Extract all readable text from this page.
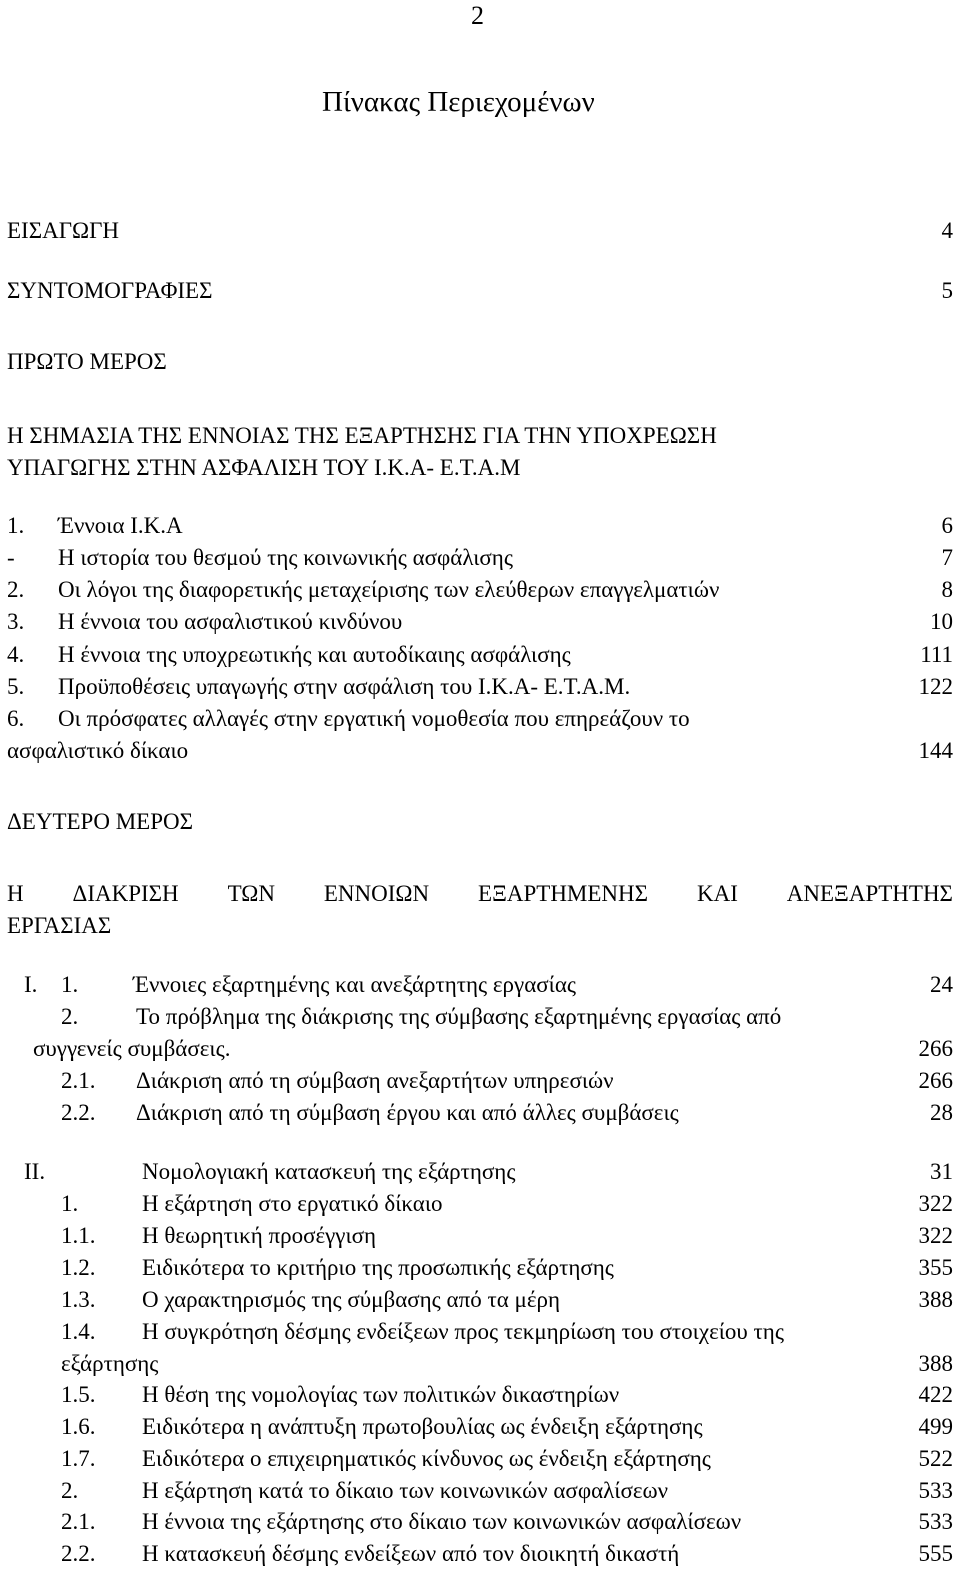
2
Πίνακας Περιεχομένων
ΕΙΣΑΓΩΓΗ	4
ΣΥΝΤΟΜΟΓΡΑΦΙΕΣ	5
ΠΡΩΤΟ ΜΕΡΟΣ
Η ΣΗΜΑΣΙΑ ΤΗΣ ΕΝΝΟΙΑΣ ΤΗΣ ΕΞΑΡΤΗΣΗΣ ΓΙΑ ΤΗΝ ΥΠΟΧΡΕΩΣΗ
ΥΠΑΓΩΓΗΣ ΣΤΗΝ ΑΣΦΑΛΙΣΗ ΤΟΥ Ι.Κ.Α- Ε.Τ.Α.Μ
1. Έννοια Ι.Κ.Α	6
- Η ιστορία του θεσμού της κοινωνικής ασφάλισης	7
2. Οι λόγοι της διαφορετικής μεταχείρισης των ελεύθερων επαγγελματιών	8
3. Η έννοια του ασφαλιστικού κινδύνου	10
4. Η έννοια της υποχρεωτικής και αυτοδίκαιης ασφάλισης	111
5. Προϋποθέσεις υπαγωγής στην ασφάλιση του Ι.Κ.Α- Ε.Τ.Α.Μ.	122
6. Οι πρόσφατες αλλαγές στην εργατική νομοθεσία που επηρεάζουν το
ασφαλιστικό δίκαιο	144
ΔΕΥΤΕΡΟ ΜΕΡΟΣ
Η ΔΙΑΚΡΙΣΗ ΤΩΝ ΕΝΝΟΙΩΝ ΕΞΑΡΤΗΜΕΝΗΣ ΚΑΙ ΑΝΕΞΑΡΤΗΤΗΣ
ΕΡΓΑΣΙΑΣ
Ι. 1. Έννοιες εξαρτημένης και ανεξάρτητης εργασίας	24
2.	Το πρόβλημα της διάκρισης της σύμβασης εξαρτημένης εργασίας από
συγγενείς συμβάσεις.	266
2.1. Διάκριση από τη σύμβαση ανεξαρτήτων υπηρεσιών	266
2.2. Διάκριση από τη σύμβαση έργου και από άλλες συμβάσεις	28
ΙΙ.	Νομολογιακή κατασκευή της εξάρτησης	31
1.	Η εξάρτηση στο εργατικό δίκαιο	322
1.1. Η θεωρητική προσέγγιση	322
1.2. Ειδικότερα το κριτήριο της προσωπικής εξάρτησης	355
1.3. Ο χαρακτηρισμός της σύμβασης από τα μέρη	388
1.4. Η συγκρότηση δέσμης ενδείξεων προς τεκμηρίωση του στοιχείου της
εξάρτησης	388
1.5. Η θέση της νομολογίας των πολιτικών δικαστηρίων	422
1.6. Ειδικότερα η ανάπτυξη πρωτοβουλίας ως ένδειξη εξάρτησης	499
1.7. Ειδικότερα ο επιχειρηματικός κίνδυνος ως ένδειξη εξάρτησης	522
2.	Η εξάρτηση κατά το δίκαιο των κοινωνικών ασφαλίσεων	533
2.1. Η έννοια της εξάρτησης στο δίκαιο των κοινωνικών ασφαλίσεων	533
2.2. Η κατασκευή δέσμης ενδείξεων από τον διοικητή δικαστή	555
